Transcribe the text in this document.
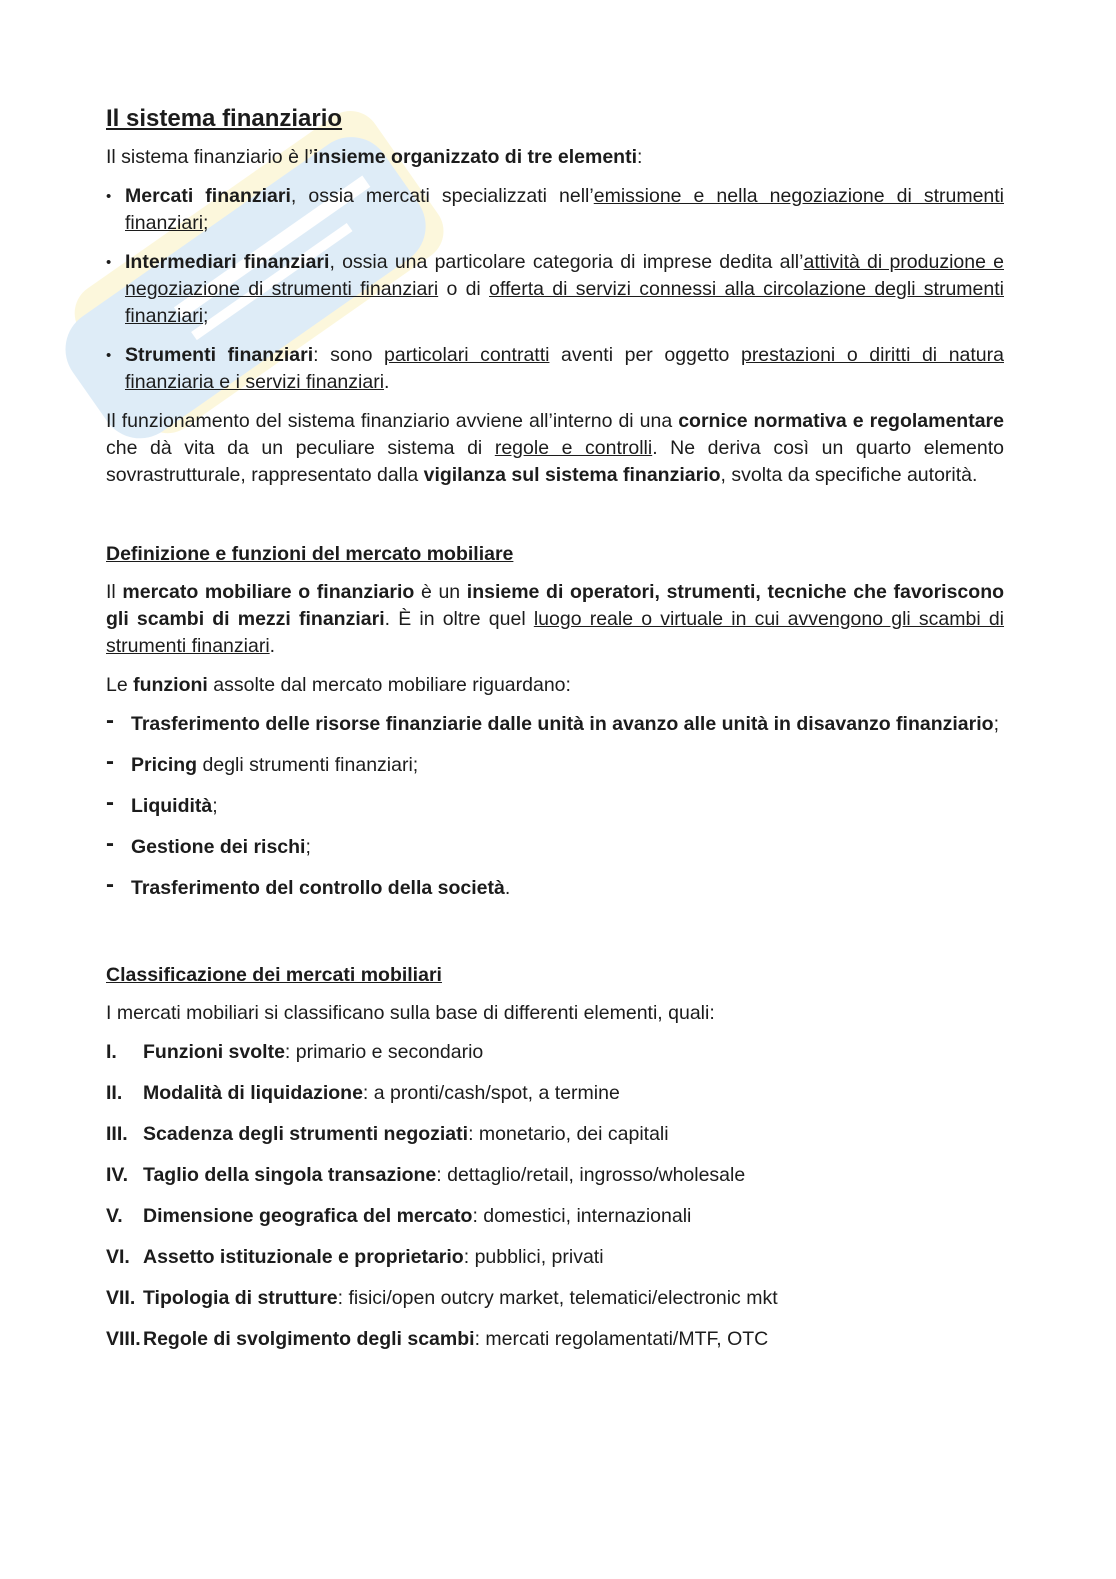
Il sistema finanziario

Il sistema finanziario è l’insieme organizzato di tre elementi:

• Mercati finanziari, ossia mercati specializzati nell’emissione e nella negoziazione di strumenti finanziari;
• Intermediari finanziari, ossia una particolare categoria di imprese dedita all’attività di produzione e negoziazione di strumenti finanziari o di offerta di servizi connessi alla circolazione degli strumenti finanziari;
• Strumenti finanziari: sono particolari contratti aventi per oggetto prestazioni o diritti di natura finanziaria e i servizi finanziari.

Il funzionamento del sistema finanziario avviene all’interno di una cornice normativa e regolamentare che dà vita da un peculiare sistema di regole e controlli. Ne deriva così un quarto elemento sovrastrutturale, rappresentato dalla vigilanza sul sistema finanziario, svolta da specifiche autorità.

Definizione e funzioni del mercato mobiliare

Il mercato mobiliare o finanziario è un insieme di operatori, strumenti, tecniche che favoriscono gli scambi di mezzi finanziari. È in oltre quel luogo reale o virtuale in cui avvengono gli scambi di strumenti finanziari.

Le funzioni assolte dal mercato mobiliare riguardano:

- Trasferimento delle risorse finanziarie dalle unità in avanzo alle unità in disavanzo finanziario;
- Pricing degli strumenti finanziari;
- Liquidità;
- Gestione dei rischi;
- Trasferimento del controllo della società.
Classificazione dei mercati mobiliari

I mercati mobiliari si classificano sulla base di differenti elementi, quali:

I. Funzioni svolte: primario e secondario
II. Modalità di liquidazione: a pronti/cash/spot, a termine
III. Scadenza degli strumenti negoziati: monetario, dei capitali
IV. Taglio della singola transazione: dettaglio/retail, ingrosso/wholesale
V. Dimensione geografica del mercato: domestici, internazionali
VI. Assetto istituzionale e proprietario: pubblici, privati
VII. Tipologia di strutture: fisici/open outcry market, telematici/electronic mkt
VIII. Regole di svolgimento degli scambi: mercati regolamentati/MTF, OTC
